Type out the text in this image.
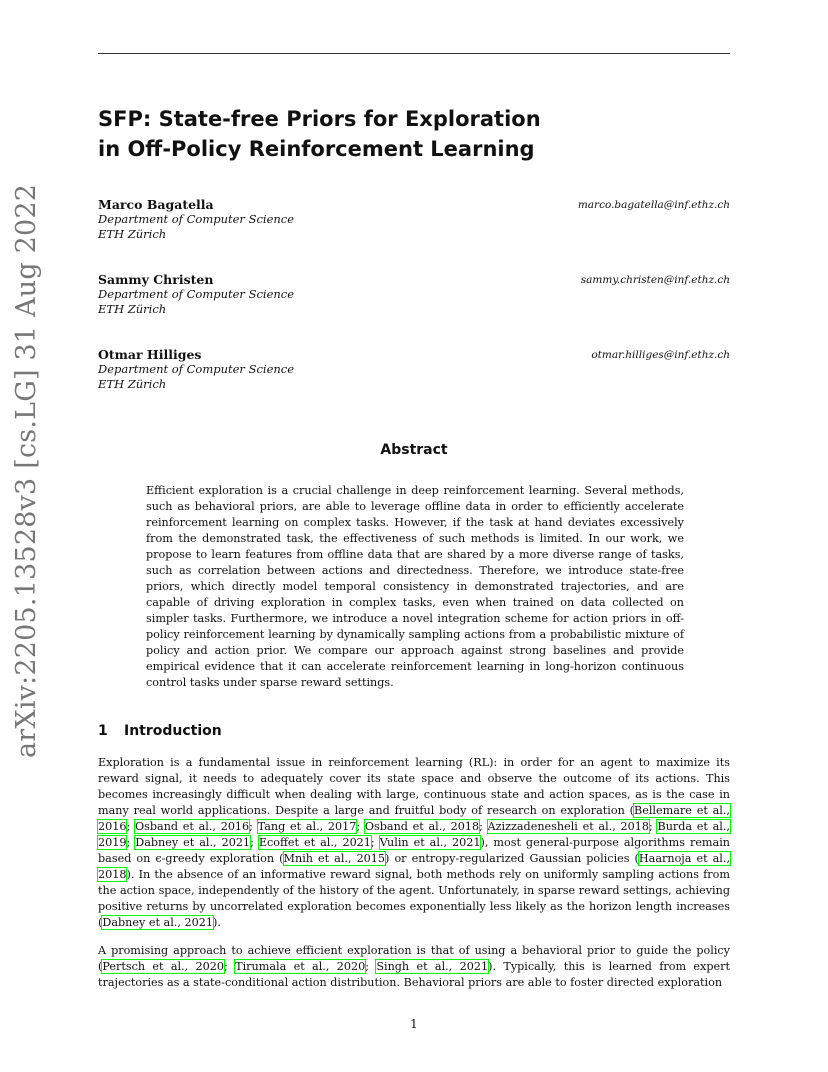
arXiv:2205.13528v3 [cs.LG] 31 Aug 2022
SFP: State-free Priors for Exploration
in Off-Policy Reinforcement Learning
Marco Bagatella	marco.bagatella@inf.ethz.ch
Department of Computer Science
ETH Zürich
Sammy Christen	sammy.christen@inf.ethz.ch
Department of Computer Science
ETH Zürich
Otmar Hilliges	otmar.hilliges@inf.ethz.ch
Department of Computer Science
ETH Zürich
Abstract

Efficient exploration is a crucial challenge in deep reinforcement learning. Several methods, such as behavioral priors, are able to leverage offline data in order to efficiently accelerate reinforcement learning on complex tasks. However, if the task at hand deviates excessively from the demonstrated task, the effectiveness of such methods is limited. In our work, we propose to learn features from offline data that are shared by a more diverse range of tasks, such as correlation between actions and directedness. Therefore, we introduce state-free priors, which directly model temporal consistency in demonstrated trajectories, and are capable of driving exploration in complex tasks, even when trained on data collected on simpler tasks. Furthermore, we introduce a novel integration scheme for action priors in off-policy reinforcement learning by dynamically sampling actions from a probabilistic mixture of policy and action prior. We compare our approach against strong baselines and provide empirical evidence that it can accelerate reinforcement learning in long-horizon continuous control tasks under sparse reward settings.

1 Introduction

Exploration is a fundamental issue in reinforcement learning (RL): in order for an agent to maximize its reward signal, it needs to adequately cover its state space and observe the outcome of its actions. This becomes increasingly difficult when dealing with large, continuous state and action spaces, as is the case in many real world applications. Despite a large and fruitful body of research on exploration (Bellemare et al., 2016; Osband et al., 2016; Tang et al., 2017; Osband et al., 2018; Azizzadenesheli et al., 2018; Burda et al., 2019; Dabney et al., 2021; Ecoffet et al., 2021; Vulin et al., 2021), most general-purpose algorithms remain based on ϵ-greedy exploration (Mnih et al., 2015) or entropy-regularized Gaussian policies (Haarnoja et al., 2018). In the absence of an informative reward signal, both methods rely on uniformly sampling actions from the action space, independently of the history of the agent. Unfortunately, in sparse reward settings, achieving positive returns by uncorrelated exploration becomes exponentially less likely as the horizon length increases (Dabney et al., 2021).

A promising approach to achieve efficient exploration is that of using a behavioral prior to guide the policy (Pertsch et al., 2020; Tirumala et al., 2020; Singh et al., 2021). Typically, this is learned from expert trajectories as a state-conditional action distribution. Behavioral priors are able to foster directed exploration

1
